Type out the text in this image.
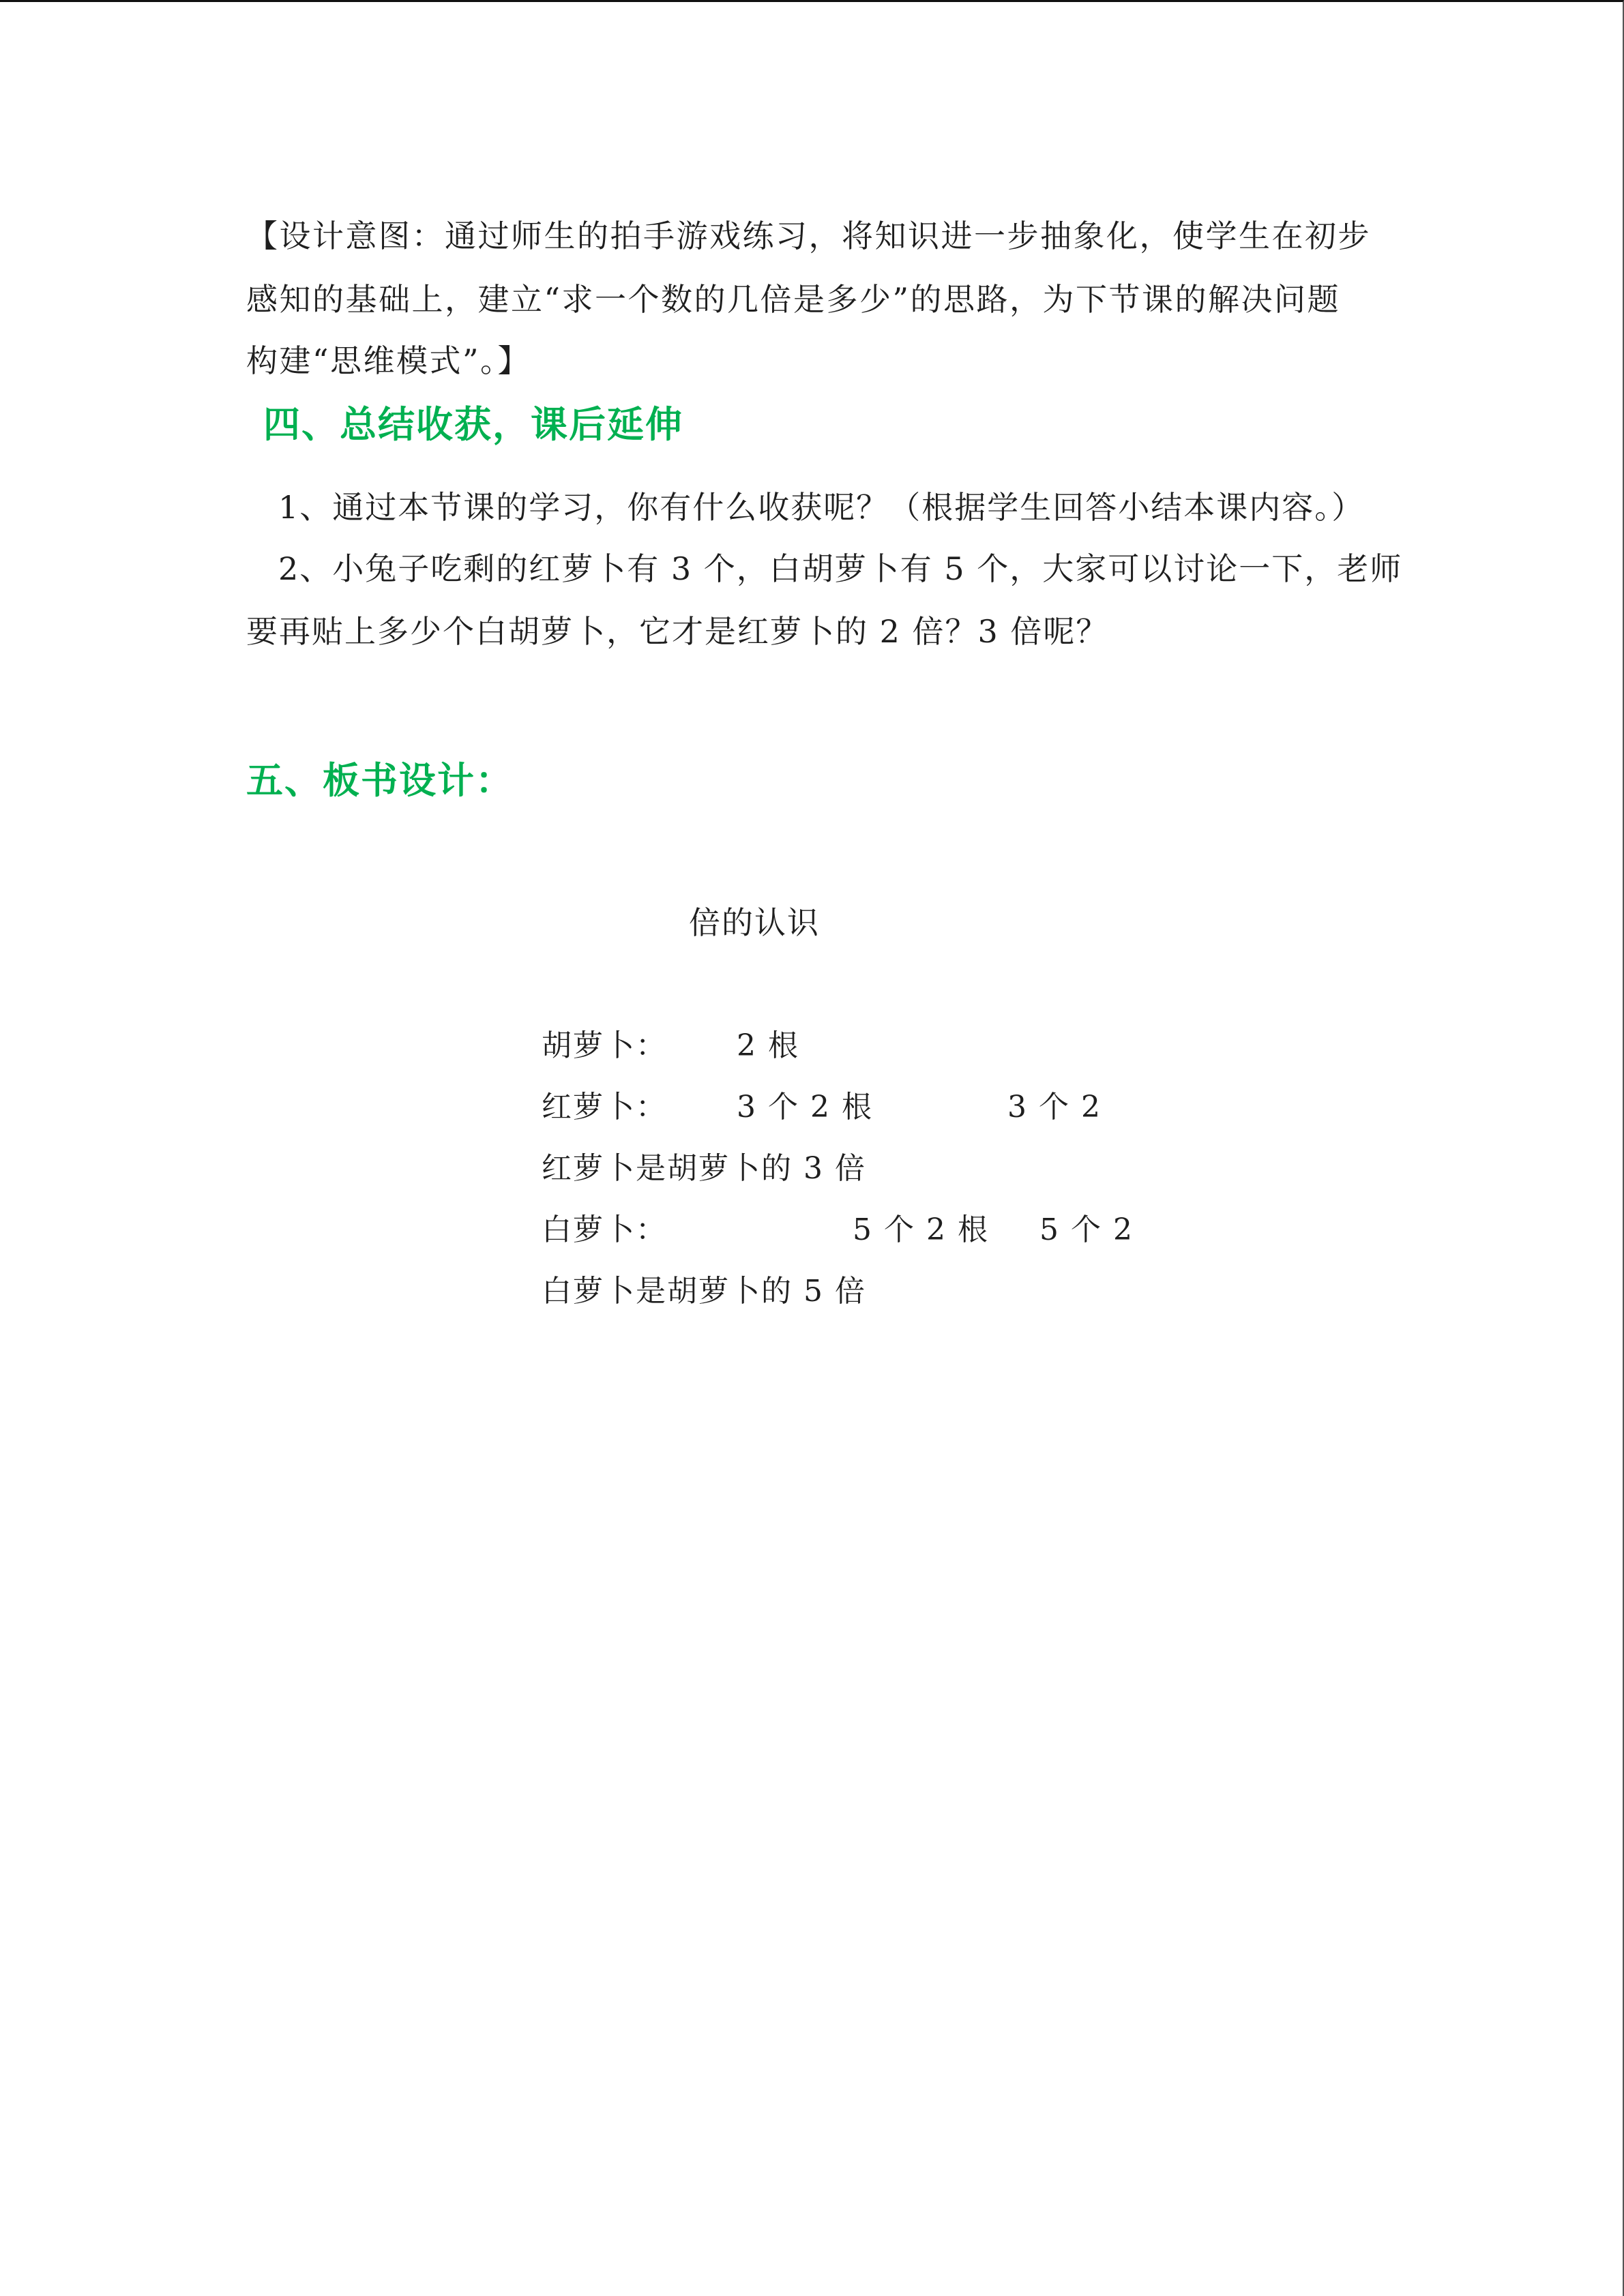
【设计意图：通过师生的拍手游戏练习，将知识进一步抽象化，使学生在初步
感知的基础上，建立“求一个数的几倍是多少”的思路，为下节课的解决问题
构建“思维模式”。】
四、总结收获，课后延伸
1、通过本节课的学习，你有什么收获呢？（根据学生回答小结本课内容。）
2、小兔子吃剩的红萝卜有 3 个，白胡萝卜有 5 个，大家可以讨论一下，老师
要再贴上多少个白胡萝卜，它才是红萝卜的 2 倍？3 倍呢？
五、板书设计：
倍的认识
胡萝卜： 2 根
红萝卜： 3 个 2 根	3 个 2
红萝卜是胡萝卜的 3 倍
白萝卜：	5 个 2 根 5 个 2
白萝卜是胡萝卜的 5 倍
